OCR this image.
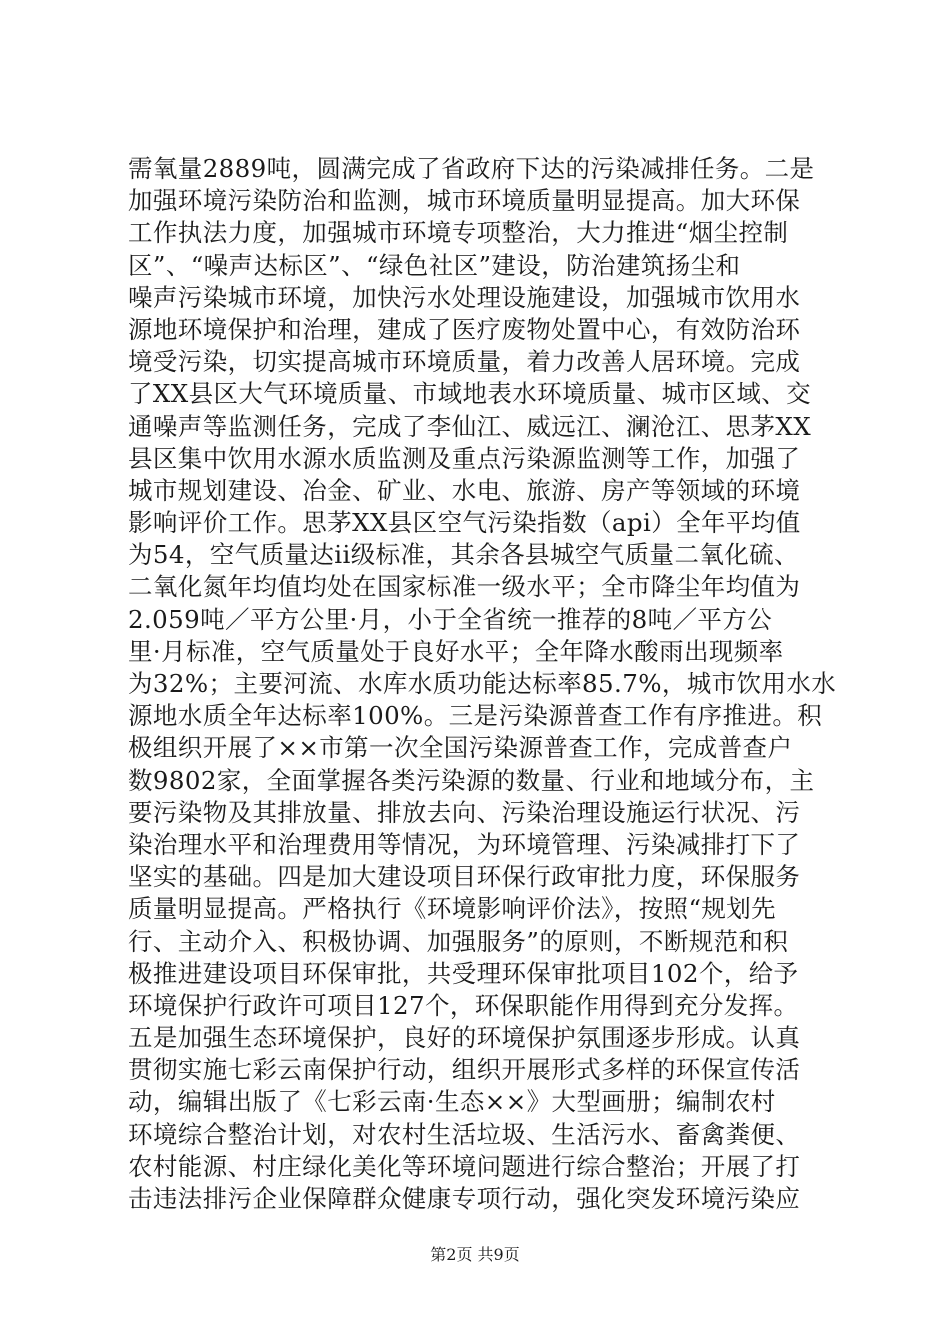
需氧量2889吨，圆满完成了省政府下达的污染减排任务。二是
加强环境污染防治和监测，城市环境质量明显提高。加大环保
工作执法力度，加强城市环境专项整治，大力推进“烟尘控制
区”、“噪声达标区”、“绿色社区”建设，防治建筑扬尘和
噪声污染城市环境，加快污水处理设施建设，加强城市饮用水
源地环境保护和治理，建成了医疗废物处置中心，有效防治环
境受污染，切实提高城市环境质量，着力改善人居环境。完成
了XX县区大气环境质量、市域地表水环境质量、城市区域、交
通噪声等监测任务，完成了李仙江、威远江、澜沧江、思茅XX
县区集中饮用水源水质监测及重点污染源监测等工作，加强了
城市规划建设、冶金、矿业、水电、旅游、房产等领域的环境
影响评价工作。思茅XX县区空气污染指数（api）全年平均值
为54，空气质量达ii级标准，其余各县城空气质量二氧化硫、
二氧化氮年均值均处在国家标准一级水平；全市降尘年均值为
2.059吨／平方公里·月，小于全省统一推荐的8吨／平方公
里·月标准，空气质量处于良好水平；全年降水酸雨出现频率
为32%；主要河流、水库水质功能达标率85.7%，城市饮用水水
源地水质全年达标率100%。三是污染源普查工作有序推进。积
极组织开展了××市第一次全国污染源普查工作，完成普查户
数9802家，全面掌握各类污染源的数量、行业和地域分布，主
要污染物及其排放量、排放去向、污染治理设施运行状况、污
染治理水平和治理费用等情况，为环境管理、污染减排打下了
坚实的基础。四是加大建设项目环保行政审批力度，环保服务
质量明显提高。严格执行《环境影响评价法》，按照“规划先
行、主动介入、积极协调、加强服务”的原则，不断规范和积
极推进建设项目环保审批，共受理环保审批项目102个，给予
环境保护行政许可项目127个，环保职能作用得到充分发挥。
五是加强生态环境保护，良好的环境保护氛围逐步形成。认真
贯彻实施七彩云南保护行动，组织开展形式多样的环保宣传活
动，编辑出版了《七彩云南·生态××》大型画册；编制农村
环境综合整治计划，对农村生活垃圾、生活污水、畜禽粪便、
农村能源、村庄绿化美化等环境问题进行综合整治；开展了打
击违法排污企业保障群众健康专项行动，强化突发环境污染应
第2页 共9页
